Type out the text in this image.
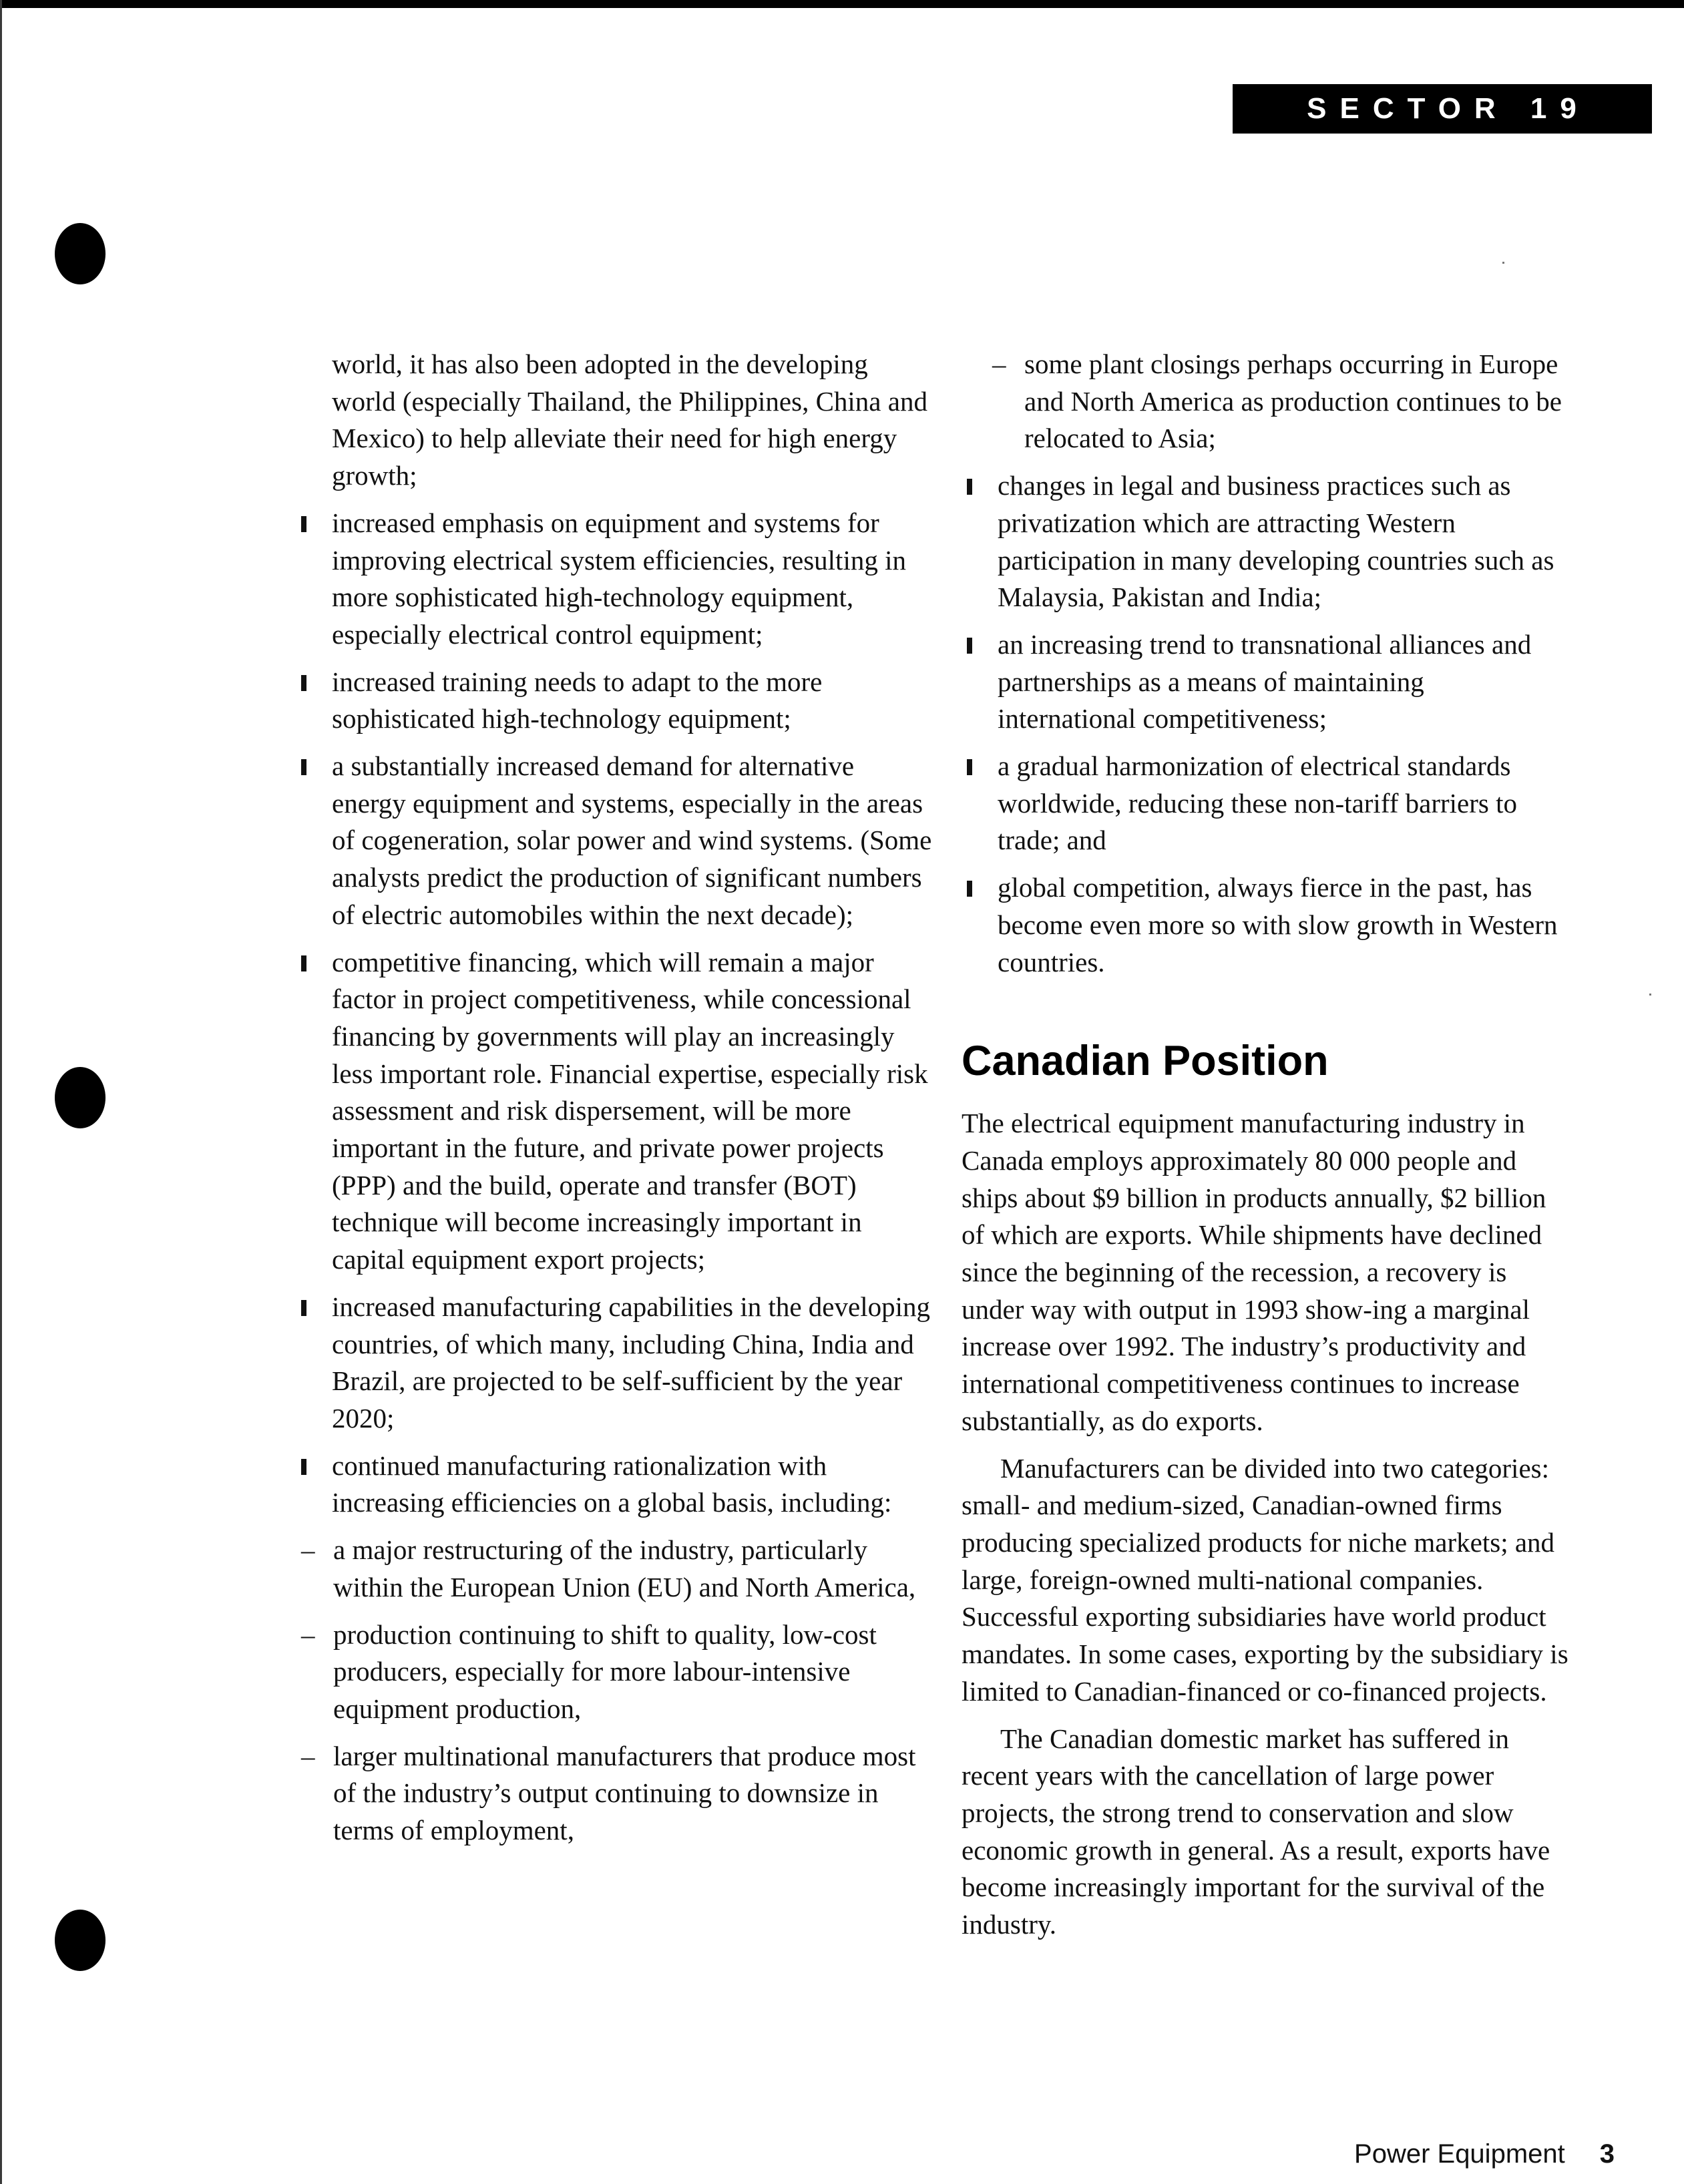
SECTOR 19

world, it has also been adopted in the developing world (especially Thailand, the Philippines, China and Mexico) to help alleviate their need for high energy growth;

increased emphasis on equipment and systems for improving electrical system efficiencies, resulting in more sophisticated high-technology equipment, especially electrical control equipment;
increased training needs to adapt to the more sophisticated high-technology equipment;
a substantially increased demand for alternative energy equipment and systems, especially in the areas of cogeneration, solar power and wind systems. (Some analysts predict the production of significant numbers of electric automobiles within the next decade);
competitive financing, which will remain a major factor in project competitiveness, while concessional financing by governments will play an increasingly less important role. Financial expertise, especially risk assessment and risk dispersement, will be more important in the future, and private power projects (PPP) and the build, operate and transfer (BOT) technique will become increasingly important in capital equipment export projects;
increased manufacturing capabilities in the developing countries, of which many, including China, India and Brazil, are projected to be self-sufficient by the year 2020;
continued manufacturing rationalization with increasing efficiencies on a global basis, including:
– a major restructuring of the industry, particularly within the European Union (EU) and North America,
– production continuing to shift to quality, low-cost producers, especially for more labour-intensive equipment production,
– larger multinational manufacturers that produce most of the industry’s output continuing to downsize in terms of employment,
– some plant closings perhaps occurring in Europe and North America as production continues to be relocated to Asia;
changes in legal and business practices such as privatization which are attracting Western participation in many developing countries such as Malaysia, Pakistan and India;
an increasing trend to transnational alliances and partnerships as a means of maintaining international competitiveness;
a gradual harmonization of electrical standards worldwide, reducing these non-tariff barriers to trade; and
global competition, always fierce in the past, has become even more so with slow growth in Western countries.
Canadian Position

The electrical equipment manufacturing industry in Canada employs approximately 80 000 people and ships about $9 billion in products annually, $2 billion of which are exports. While shipments have declined since the beginning of the recession, a recovery is under way with output in 1993 show-ing a marginal increase over 1992. The industry’s productivity and international competitiveness continues to increase substantially, as do exports.

Manufacturers can be divided into two categories: small- and medium-sized, Canadian-owned firms producing specialized products for niche markets; and large, foreign-owned multi-national companies. Successful exporting subsidiaries have world product mandates. In some cases, exporting by the subsidiary is limited to Canadian-financed or co-financed projects.

The Canadian domestic market has suffered in recent years with the cancellation of large power projects, the strong trend to conservation and slow economic growth in general. As a result, exports have become increasingly important for the survival of the industry.

Power Equipment 3
